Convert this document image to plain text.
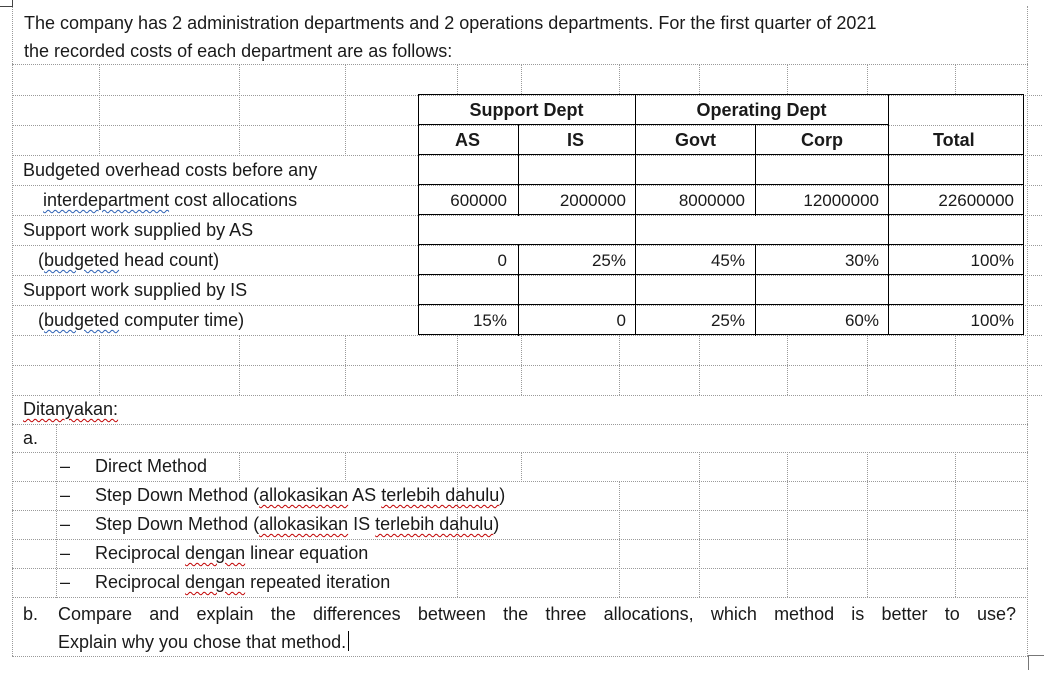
The company has 2 administration departments and 2 operations departments. For the first quarter of 2021
the recorded costs of each department are as follows:
Support Dept	Operating Dept
AS	IS	Govt	Corp	Total
Budgeted overhead costs before any
interdepartment cost allocations	600000	2000000	8000000	12000000	22600000
Support work supplied by AS
(budgeted head count)	0	25%	45%	30%	100%
Support work supplied by IS
(budgeted computer time)	15%	0	25%	60%	100%
Ditanyakan:
a.
– Direct Method
– Step Down Method (allokasikan AS terlebih dahulu)
– Step Down Method (allokasikan IS terlebih dahulu)
– Reciprocal dengan linear equation
– Reciprocal dengan repeated iteration
b. Compare and explain the differences between the three allocations, which method is better to use?
Explain why you chose that method.
